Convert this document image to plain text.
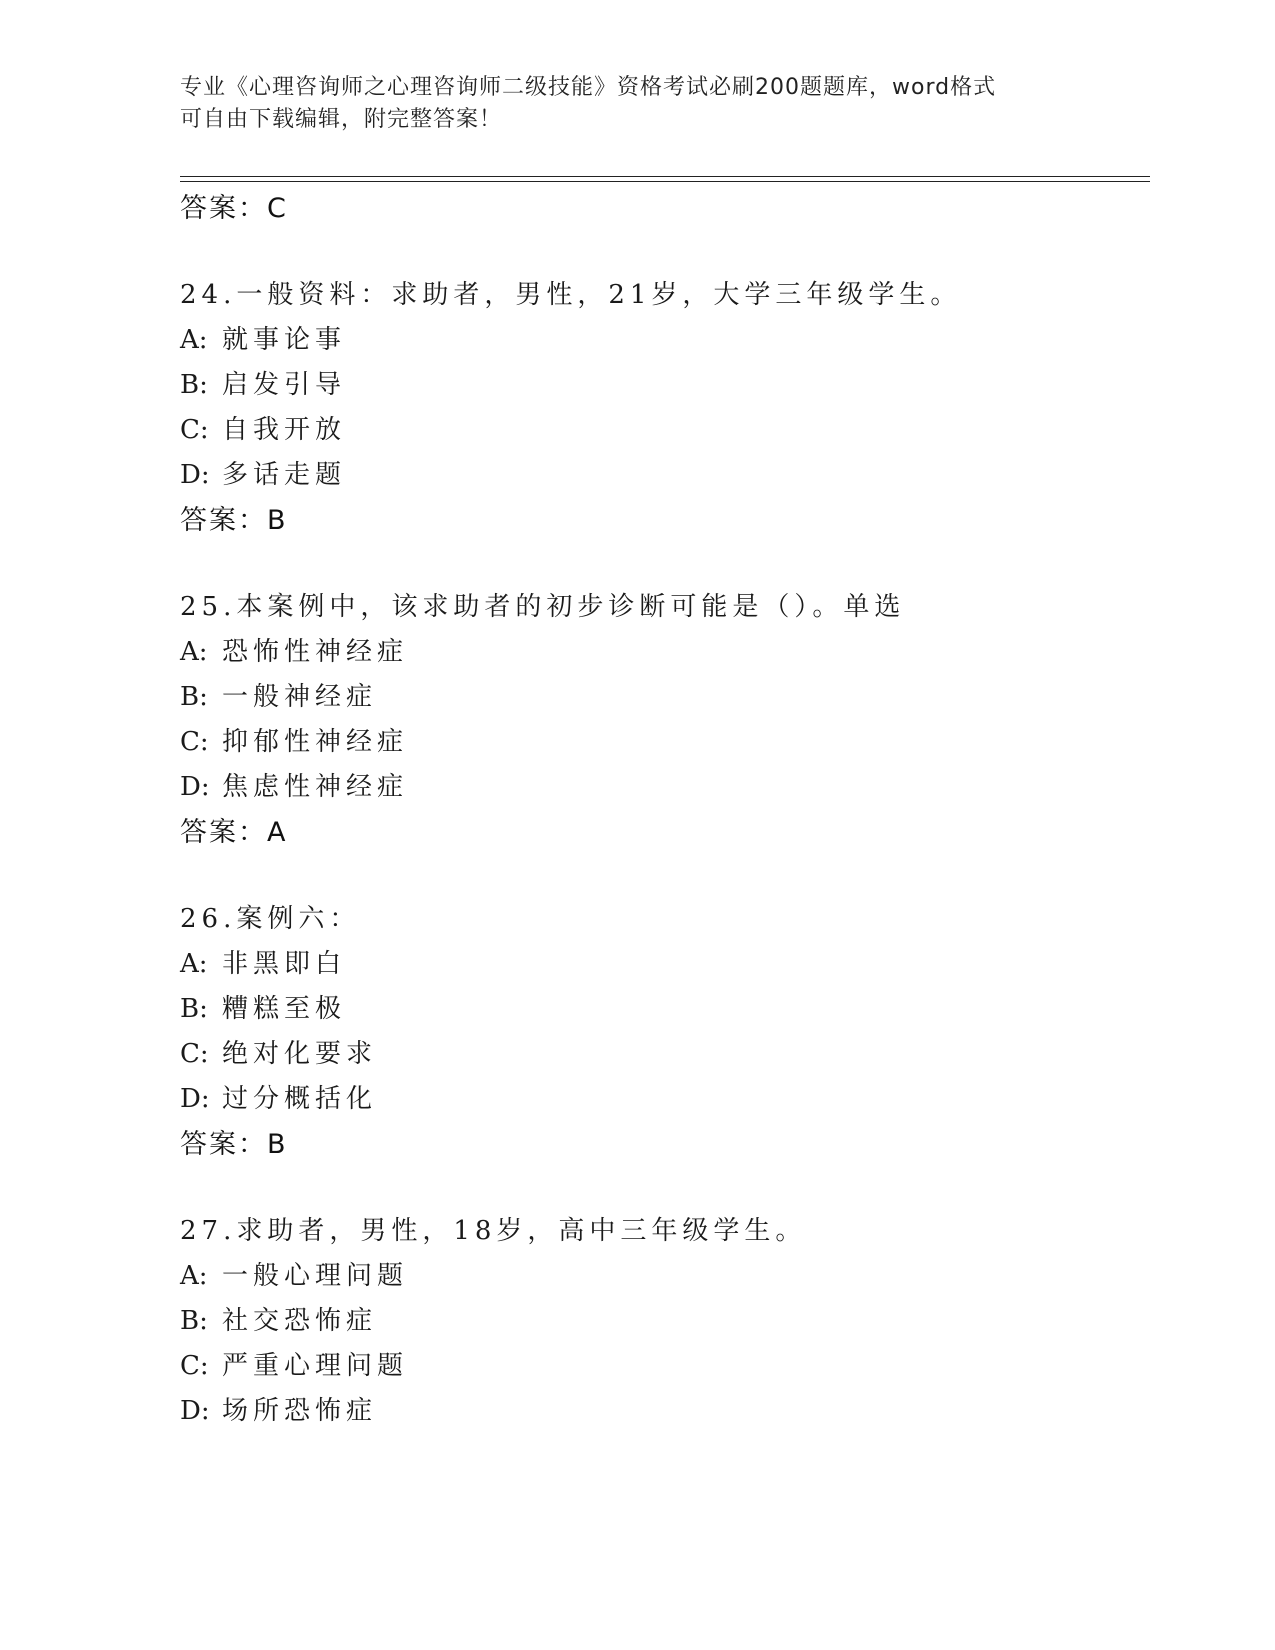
专业《心理咨询师之心理咨询师二级技能》资格考试必刷200题题库，word格式
可自由下载编辑，附完整答案！
答案：C
24.一般资料：求助者，男性，21岁，大学三年级学生。
A: 就事论事
B: 启发引导
C: 自我开放
D: 多话走题
答案：B
25.本案例中，该求助者的初步诊断可能是（）。单选
A: 恐怖性神经症
B: 一般神经症
C: 抑郁性神经症
D: 焦虑性神经症
答案：A
26.案例六：
A: 非黑即白
B: 糟糕至极
C: 绝对化要求
D: 过分概括化
答案：B
27.求助者，男性，18岁，高中三年级学生。
A: 一般心理问题
B: 社交恐怖症
C: 严重心理问题
D: 场所恐怖症
